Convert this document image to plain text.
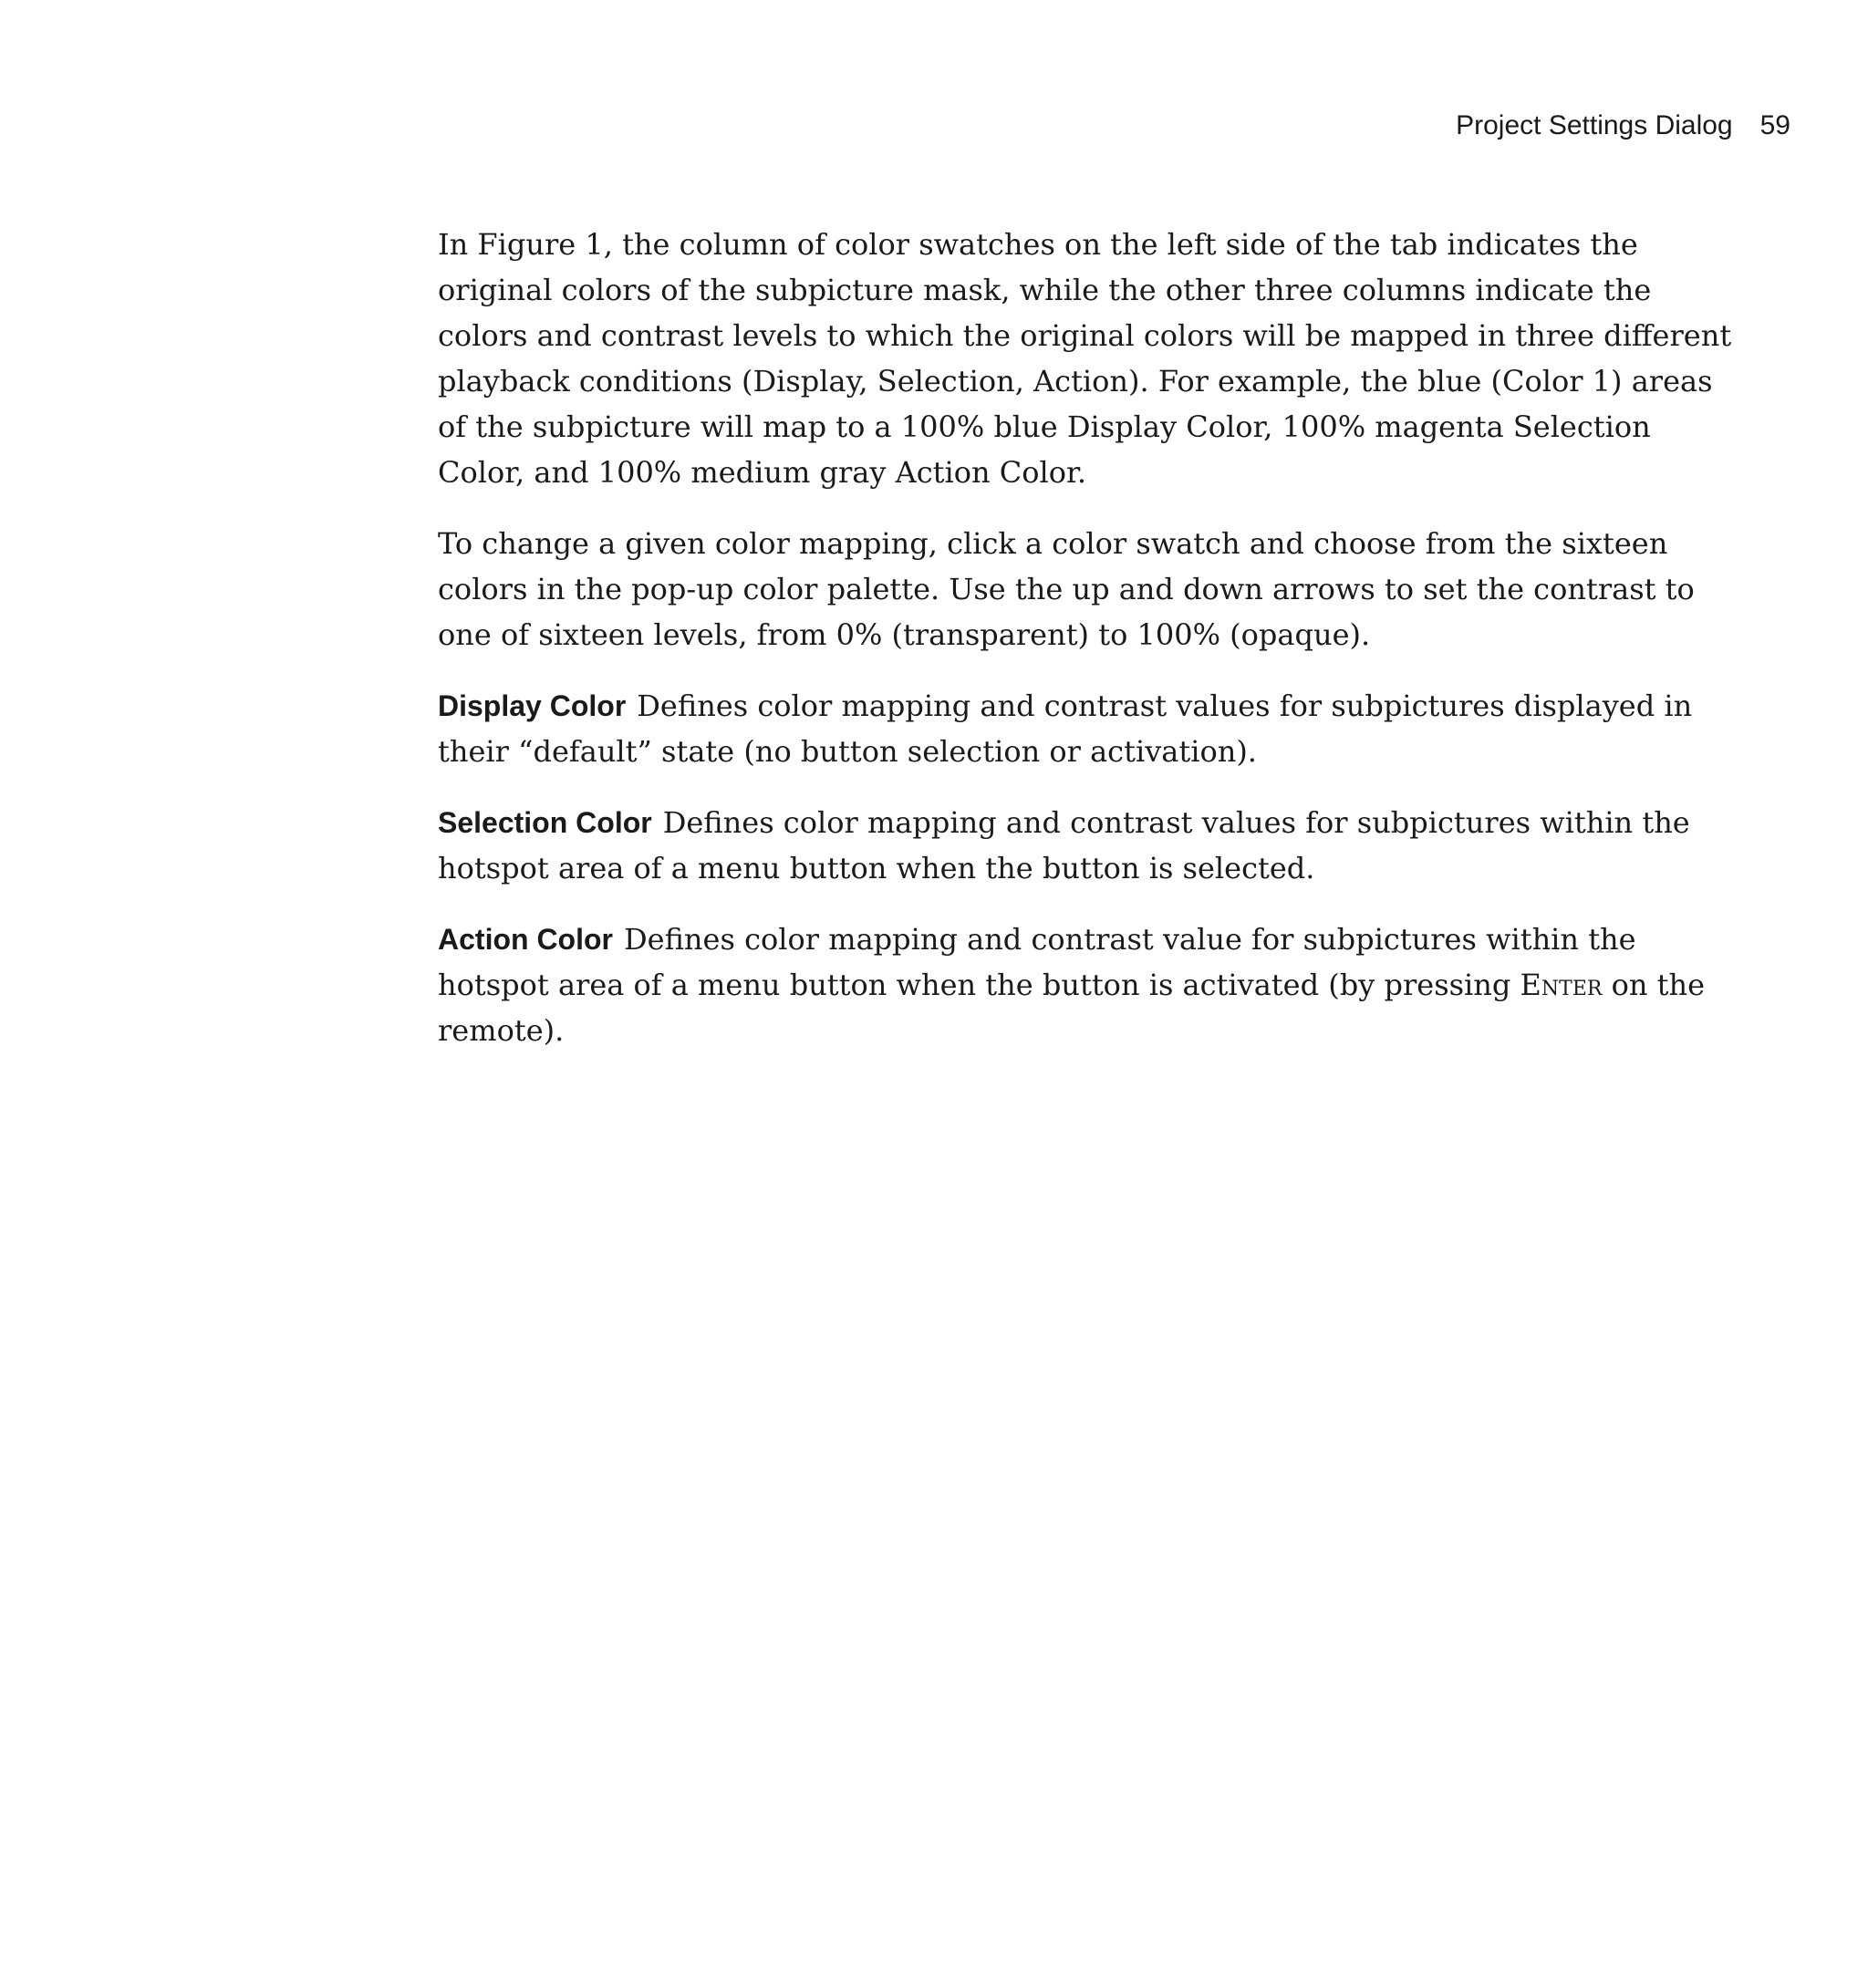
Project Settings Dialog 59

In Figure 1, the column of color swatches on the left side of the tab indicates the original colors of the subpicture mask, while the other three columns indicate the colors and contrast levels to which the original colors will be mapped in three different playback conditions (Display, Selection, Action). For example, the blue (Color 1) areas of the subpicture will map to a 100% blue Display Color, 100% magenta Selection Color, and 100% medium gray Action Color.

To change a given color mapping, click a color swatch and choose from the sixteen colors in the pop-up color palette. Use the up and down arrows to set the contrast to one of sixteen levels, from 0% (transparent) to 100% (opaque).

Display Color Defines color mapping and contrast values for subpictures displayed in their “default” state (no button selection or activation).

Selection Color Defines color mapping and contrast values for subpictures within the hotspot area of a menu button when the button is selected.

Action Color Defines color mapping and contrast value for subpictures within the hotspot area of a menu button when the button is activated (by pressing Enter on the remote).
